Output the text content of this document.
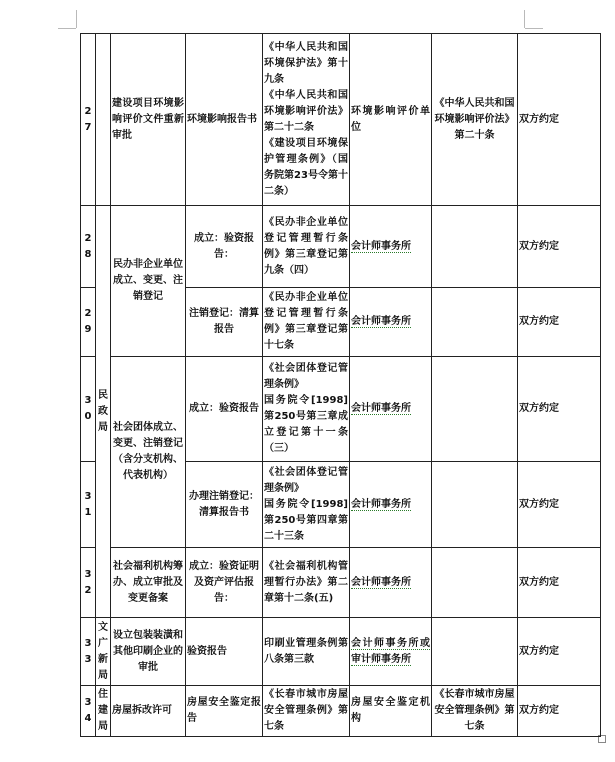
27		建设项目环境影响评价文件重新审批	环境影响报告书	《中华人民共和国环境保护法》第十九条
《中华人民共和国环境影响评价法》第二十二条
《建设项目环境保护管理条例》（国务院第23号令第十二条）	环境影响评价单位	《中华人民共和国环境影响评价法》第二十条	双方约定
28	民政局	民办非企业单位成立、变更、注销登记	成立：验资报告：	《民办非企业单位登记管理暂行条例》第三章登记第九条（四）	会计师事务所		双方约定
29			注销登记：清算报告	《民办非企业单位登记管理暂行条例》第三章登记第十七条	会计师事务所		双方约定
30		社会团体成立、变更、注销登记（含分支机构、代表机构）	成立：验资报告	《社会团体登记管理条例》
国务院令[1998]第250号第三章成立登记第十一条（三）	会计师事务所		双方约定
31			办理注销登记：清算报告书	《社会团体登记管理条例》
国务院令[1998]第250号第四章第二十三条	会计师事务所		双方约定
32		社会福利机构筹办、成立审批及变更备案	成立：验资证明及资产评估报告：	《社会福利机构管理暂行办法》第二章第十二条(五)	会计师事务所		双方约定
33	文广新局	设立包装装潢和其他印刷企业的审批	验资报告	印刷业管理条例第八条第三款	会计师事务所或审计师事务所		双方约定
34	住建局	房屋拆改许可	房屋安全鉴定报告	《长春市城市房屋安全管理条例》第七条	房屋安全鉴定机构	《长春市城市房屋安全管理条例》第七条	双方约定
